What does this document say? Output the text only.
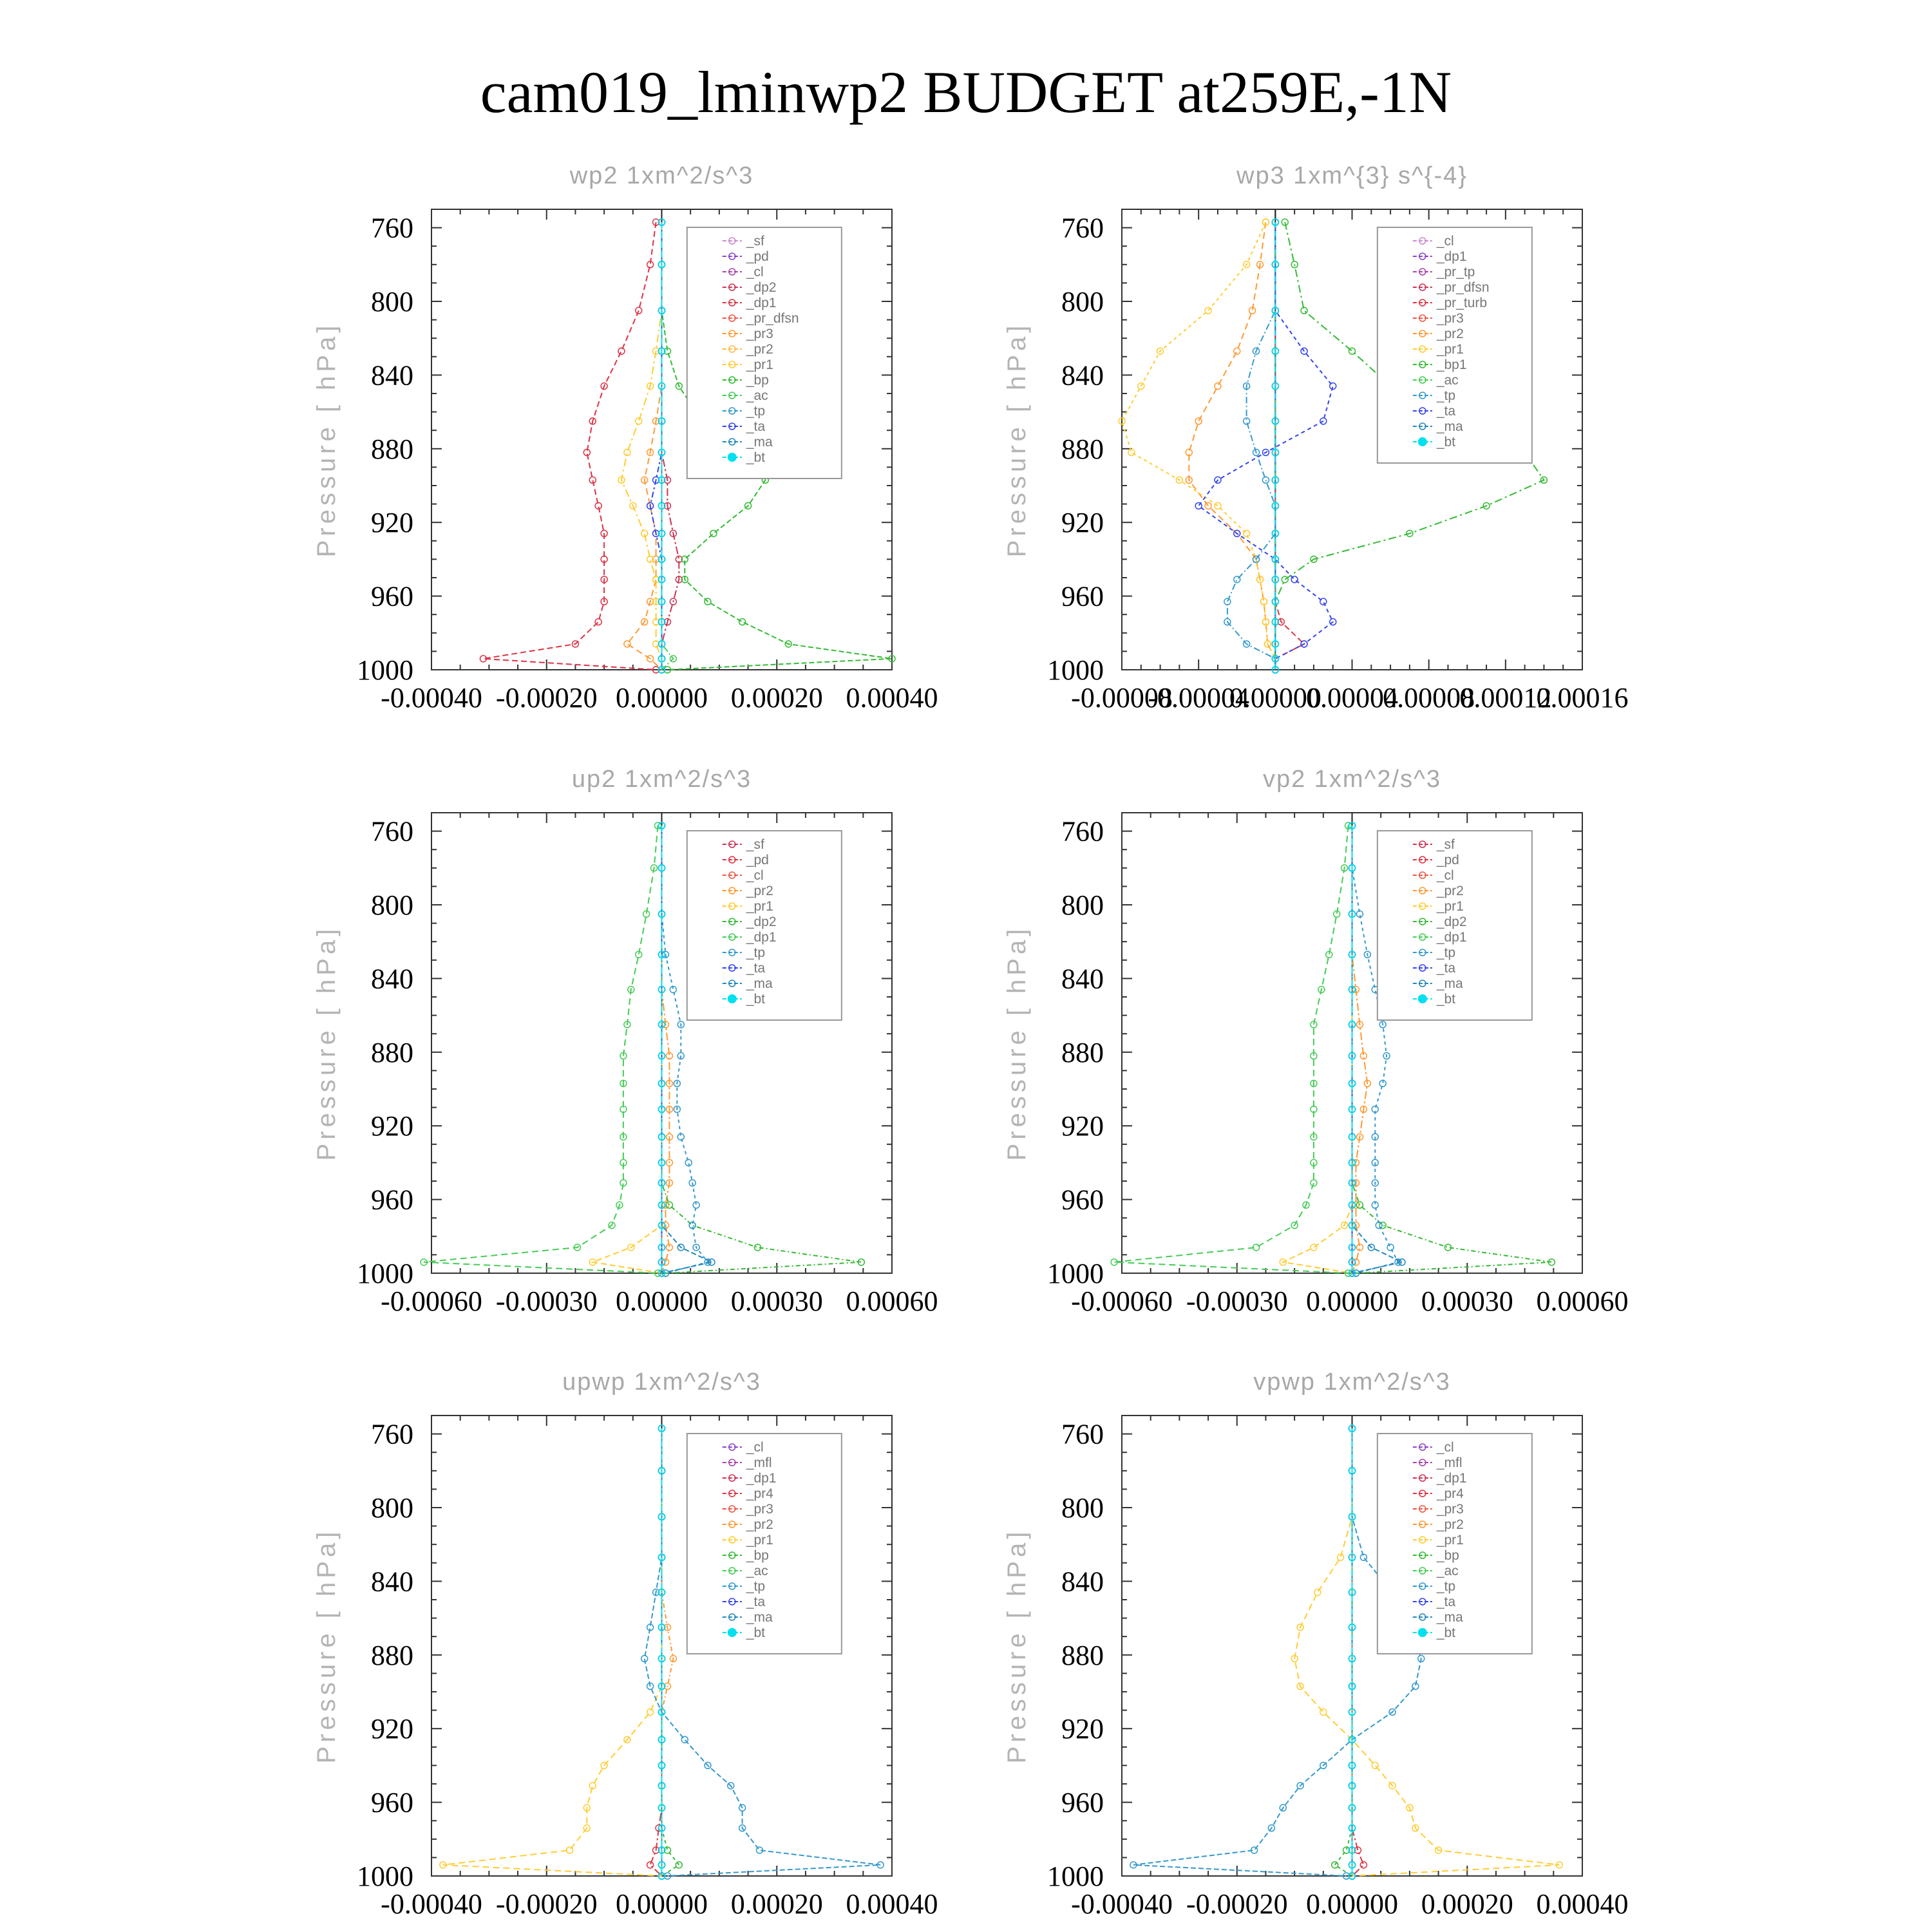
cam019_lminwp2 BUDGET at259E,-1N
wp2 1xm^2/s^3
Pressure [ hPa]
760
800
840
880
920
960
1000
-0.00040 -0.00020 0.00000 0.00020 0.00040
_sf
_pd
_cl
_dp2
_dp1
_pr_dfsn
_pr3
_pr2
_pr1
_bp
_ac
_tp
_ta
_ma
_bt
wp3 1xm^{3} s^{-4}
Pressure [ hPa]
760
800
840
880
920
960
1000
-0.00008
-0.00004
0.00000
0.00004
0.00008
0.00012
0.00016
_cl
_dp1
_pr_tp
_pr_dfsn
_pr_turb
_pr3
_pr2
_pr1
_bp1
_ac
_tp
_ta
_ma
_bt
up2 1xm^2/s^3
Pressure [ hPa]
760
800
840
880
920
960
1000
-0.00060 -0.00030 0.00000 0.00030 0.00060
_sf
_pd
_cl
_pr2
_pr1
_dp2
_dp1
_tp
_ta
_ma
_bt
vp2 1xm^2/s^3
Pressure [ hPa]
760
800
840
880
920
960
1000
-0.00060 -0.00030 0.00000 0.00030 0.00060
_sf
_pd
_cl
_pr2
_pr1
_dp2
_dp1
_tp
_ta
_ma
_bt
upwp 1xm^2/s^3
Pressure [ hPa]
760
800
840
880
920
960
1000
-0.00040 -0.00020 0.00000 0.00020 0.00040
_cl
_mfl
_dp1
_pr4
_pr3
_pr2
_pr1
_bp
_ac
_tp
_ta
_ma
_bt
vpwp 1xm^2/s^3
Pressure [ hPa]
760
800
840
880
920
960
1000
-0.00040 -0.00020 0.00000 0.00020 0.00040
_cl
_mfl
_dp1
_pr4
_pr3
_pr2
_pr1
_bp
_ac
_tp
_ta
_ma
_bt
